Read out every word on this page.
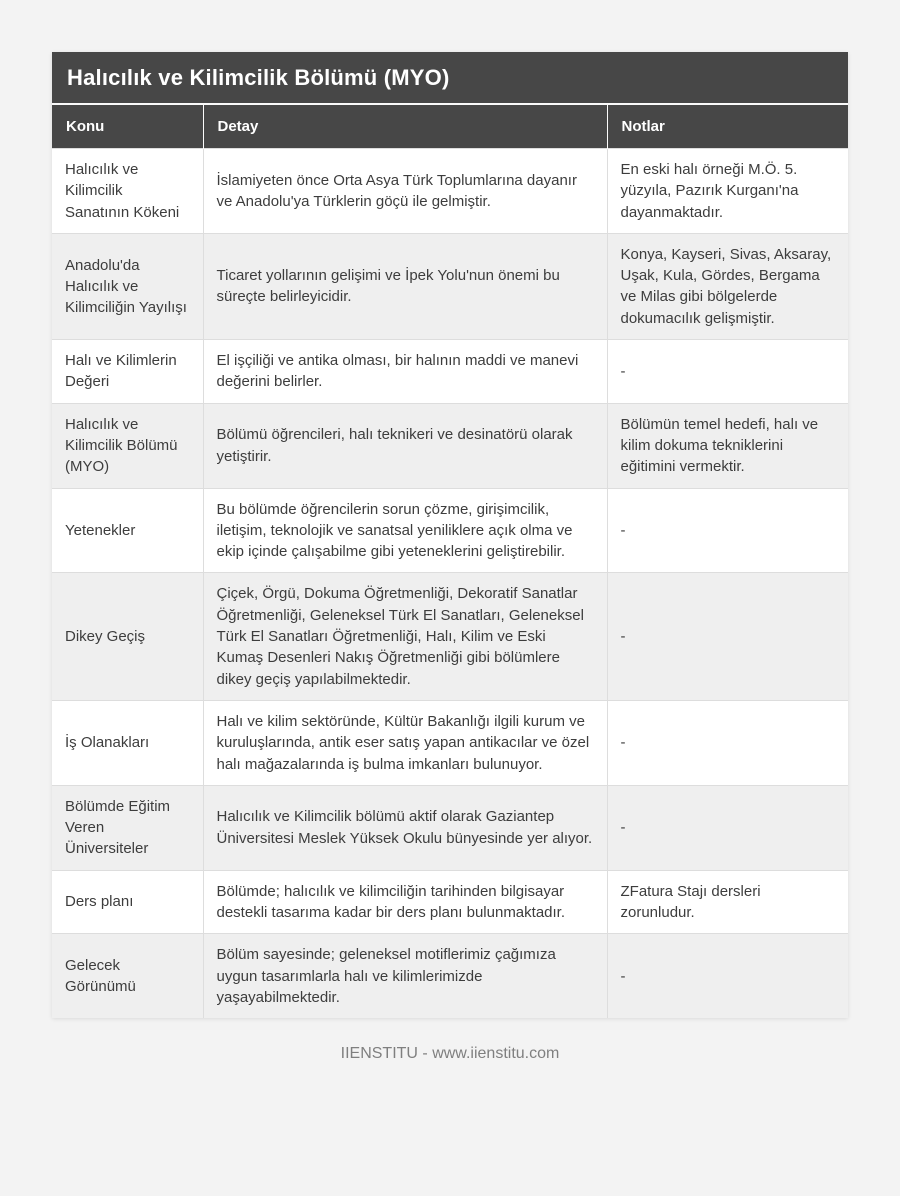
Halıcılık ve Kilimcilik Bölümü (MYO)
Konu	Detay	Notlar
Halıcılık ve Kilimcilik Sanatının Kökeni	İslamiyeten önce Orta Asya Türk Toplumlarına dayanır ve Anadolu'ya Türklerin göçü ile gelmiştir.	En eski halı örneği M.Ö. 5. yüzyıla, Pazırık Kurganı'na dayanmaktadır.
Anadolu'da Halıcılık ve Kilimciliğin Yayılışı	Ticaret yollarının gelişimi ve İpek Yolu'nun önemi bu süreçte belirleyicidir.	Konya, Kayseri, Sivas, Aksaray, Uşak, Kula, Gördes, Bergama ve Milas gibi bölgelerde dokumacılık gelişmiştir.
Halı ve Kilimlerin Değeri	El işçiliği ve antika olması, bir halının maddi ve manevi değerini belirler.	-
Halıcılık ve Kilimcilik Bölümü (MYO)	Bölümü öğrencileri, halı teknikeri ve desinatörü olarak yetiştirir.	Bölümün temel hedefi, halı ve kilim dokuma tekniklerini eğitimini vermektir.
Yetenekler	Bu bölümde öğrencilerin sorun çözme, girişimcilik, iletişim, teknolojik ve sanatsal yeniliklere açık olma ve ekip içinde çalışabilme gibi yeteneklerini geliştirebilir.	-
Dikey Geçiş	Çiçek, Örgü, Dokuma Öğretmenliği, Dekoratif Sanatlar Öğretmenliği, Geleneksel Türk El Sanatları, Geleneksel Türk El Sanatları Öğretmenliği, Halı, Kilim ve Eski Kumaş Desenleri Nakış Öğretmenliği gibi bölümlere dikey geçiş yapılabilmektedir.	-
İş Olanakları	Halı ve kilim sektöründe, Kültür Bakanlığı ilgili kurum ve kuruluşlarında, antik eser satış yapan antikacılar ve özel halı mağazalarında iş bulma imkanları bulunuyor.	-
Bölümde Eğitim Veren Üniversiteler	Halıcılık ve Kilimcilik bölümü aktif olarak Gaziantep Üniversitesi Meslek Yüksek Okulu bünyesinde yer alıyor.	-
Ders planı	Bölümde; halıcılık ve kilimciliğin tarihinden bilgisayar destekli tasarıma kadar bir ders planı bulunmaktadır.	ZFatura Stajı dersleri zorunludur.
Gelecek Görünümü	Bölüm sayesinde; geleneksel motiflerimiz çağımıza uygun tasarımlarla halı ve kilimlerimizde yaşayabilmektedir.	-
IIENSTITU - www.iienstitu.com
